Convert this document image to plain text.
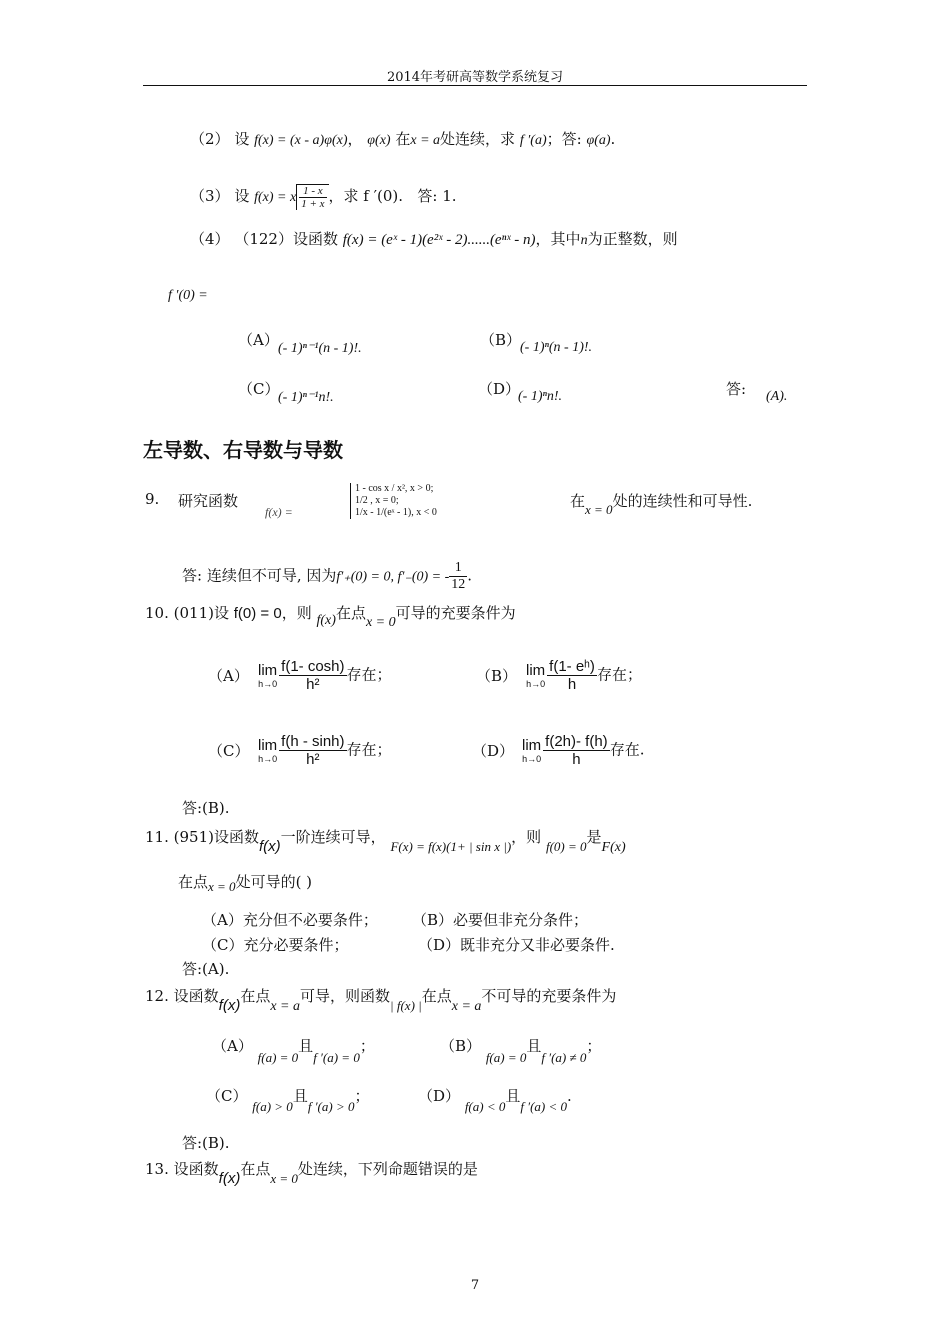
2014年考研高等数学系统复习
（2） 设 f(x) = (x - a)φ(x)， φ(x) 在x = a处连续，求 f ′(a)；答: φ(a).
（3） 设 f(x) = x $\frac{1 - x}{1 + x}$ ，求 f ′(0). 答: 1.
（4） （122）设函数 f(x) = (eˣ - 1)(e²ˣ - 2)......(eⁿˣ - n)，其中n为正整数，则
f ′(0) =
（A） (- 1)ⁿ⁻¹(n - 1)!.	（B）
(- 1)ⁿ(n - 1)!.
（C）
(- 1)ⁿ⁻¹n!.	（D）
(- 1)ⁿn!.	答: (A).
左导数、右导数与导数
9. 研究函数
f(x) =
1 - cos x / x², x > 0;
1/2 , x = 0;
1/x - 1/(eˣ - 1), x < 0
在x = 0处的连续性和可导性.
答: 连续但不可导, 因为f′₊(0) = 0, f′₋(0) = - $\frac{1}{12}$ .
10. (011)设 f(0) = 0，则 f(x)在点x = 0可导的充要条件为
（A） lim
$h\to 0 \frac{f(1- \cosh)}{\text{h²}}$ 存在；	（B） lim
$h\to 0 \frac{\text{f(1- eʰ)}}{h}$ 存在；
（C） lim
$h\to 0 \frac{f(h - \sinh)}{\text{h²}}$ 存在；	（D） lim
$h\to 0 \frac{f(2h)- f(h)}{h}$ 存在.
答:(B).
11. (951)设函数f(x)一阶连续可导， F(x) = f(x)(1+ | sin x |)，则 f(0) = 0是F(x)
在点x = 0处可导的( )
（A）充分但不必要条件； （B）必要但非充分条件；
（C）充分必要条件；	（D）既非充分又非必要条件.
答:(A).
12. 设函数f(x)在点x = a可导，则函数| f(x) |在点x = a不可导的充要条件为
（A） f(a) = 0且f ′(a) = 0；	（B） f(a) = 0且f ′(a) ≠ 0；
（C） f(a) > 0且f ′(a) > 0；	（D） f(a) < 0且f ′(a) < 0.
答:(B).
13. 设函数f(x)在点x = 0处连续，下列命题错误的是
7
